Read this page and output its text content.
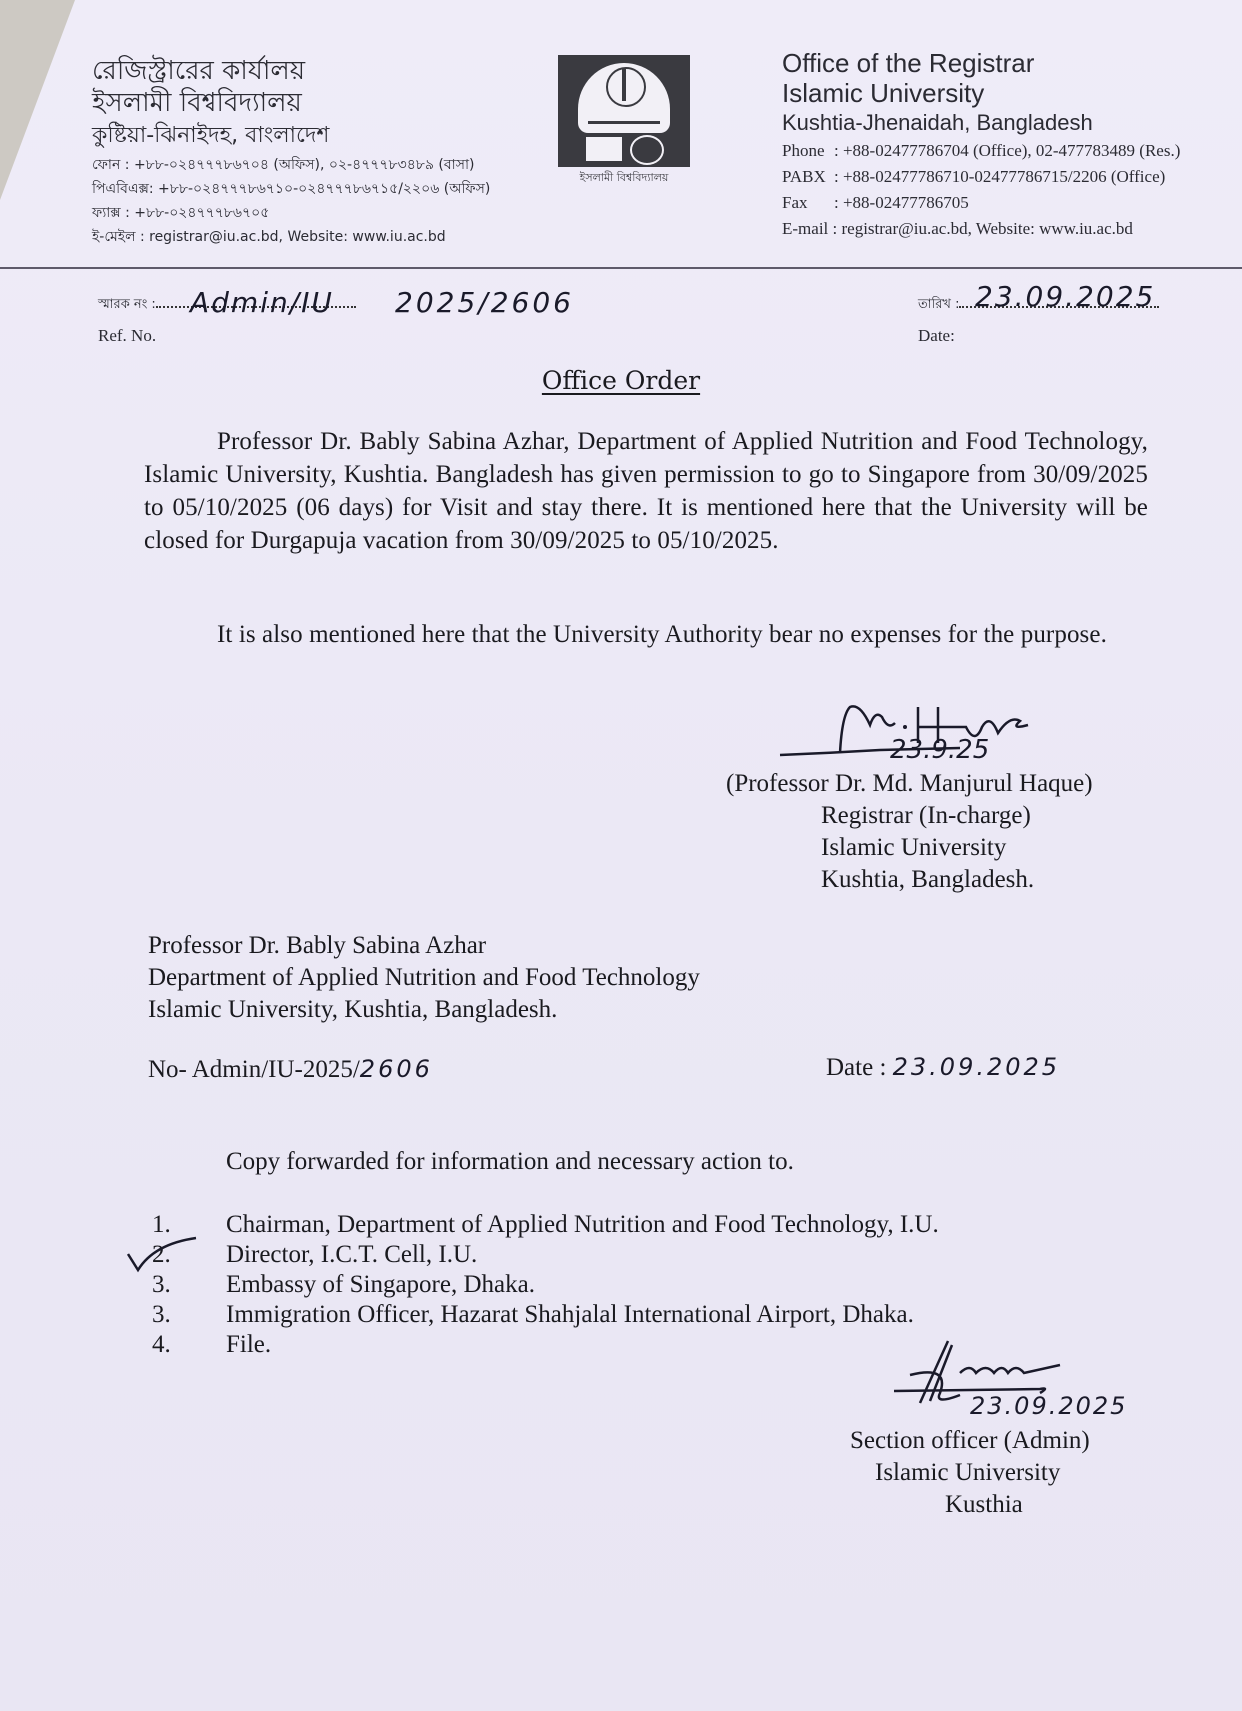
রেজিস্ট্রারের কার্যালয়
ইসলামী বিশ্ববিদ্যালয়
কুষ্টিয়া-ঝিনাইদহ, বাংলাদেশ
ফোন : +৮৮-০২৪৭৭৭৮৬৭০৪ (অফিস), ০২-৪৭৭৭৮৩৪৮৯ (বাসা)
পিএবিএক্স: +৮৮-০২৪৭৭৭৮৬৭১০-০২৪৭৭৭৮৬৭১৫/২২০৬ (অফিস)
ফ্যাক্স : +৮৮-০২৪৭৭৭৮৬৭০৫
ই-মেইল : registrar@iu.ac.bd, Website: www.iu.ac.bd
ইসলামী বিশ্ববিদ্যালয়
Office of the Registrar
Islamic University
Kushtia-Jhenaidah, Bangladesh
Phone : +88-02477786704 (Office), 02-477783489 (Res.)
PABX : +88-02477786710-02477786715/2206 (Office)
Fax : +88-02477786705
E-mail : registrar@iu.ac.bd, Website: www.iu.ac.bd
স্মারক নং :
Ref. No.
Admin/IU 2025/2606	তারিখ :
Date:
23.09.2025
Office Order
Professor Dr. Bably Sabina Azhar, Department of Applied Nutrition and Food Technology, Islamic University, Kushtia. Bangladesh has given permission to go to Singapore from 30/09/2025 to 05/10/2025 (06 days) for Visit and stay there. It is mentioned here that the University will be closed for Durgapuja vacation from 30/09/2025 to 05/10/2025.
It is also mentioned here that the University Authority bear no expenses for the purpose.
23.9.25
(Professor Dr. Md. Manjurul Haque)
Registrar (In-charge)
Islamic University
Kushtia, Bangladesh.
Professor Dr. Bably Sabina Azhar
Department of Applied Nutrition and Food Technology
Islamic University, Kushtia, Bangladesh.
No- Admin/IU-2025/2606	Date : 23.09.2025
Copy forwarded for information and necessary action to.
1.	Chairman, Department of Applied Nutrition and Food Technology, I.U.
2.	Director, I.C.T. Cell, I.U.
3.	Embassy of Singapore, Dhaka.
3.	Immigration Officer, Hazarat Shahjalal International Airport, Dhaka.
4.	File.
23.09.2025
Section officer (Admin)
Islamic University
Kusthia
